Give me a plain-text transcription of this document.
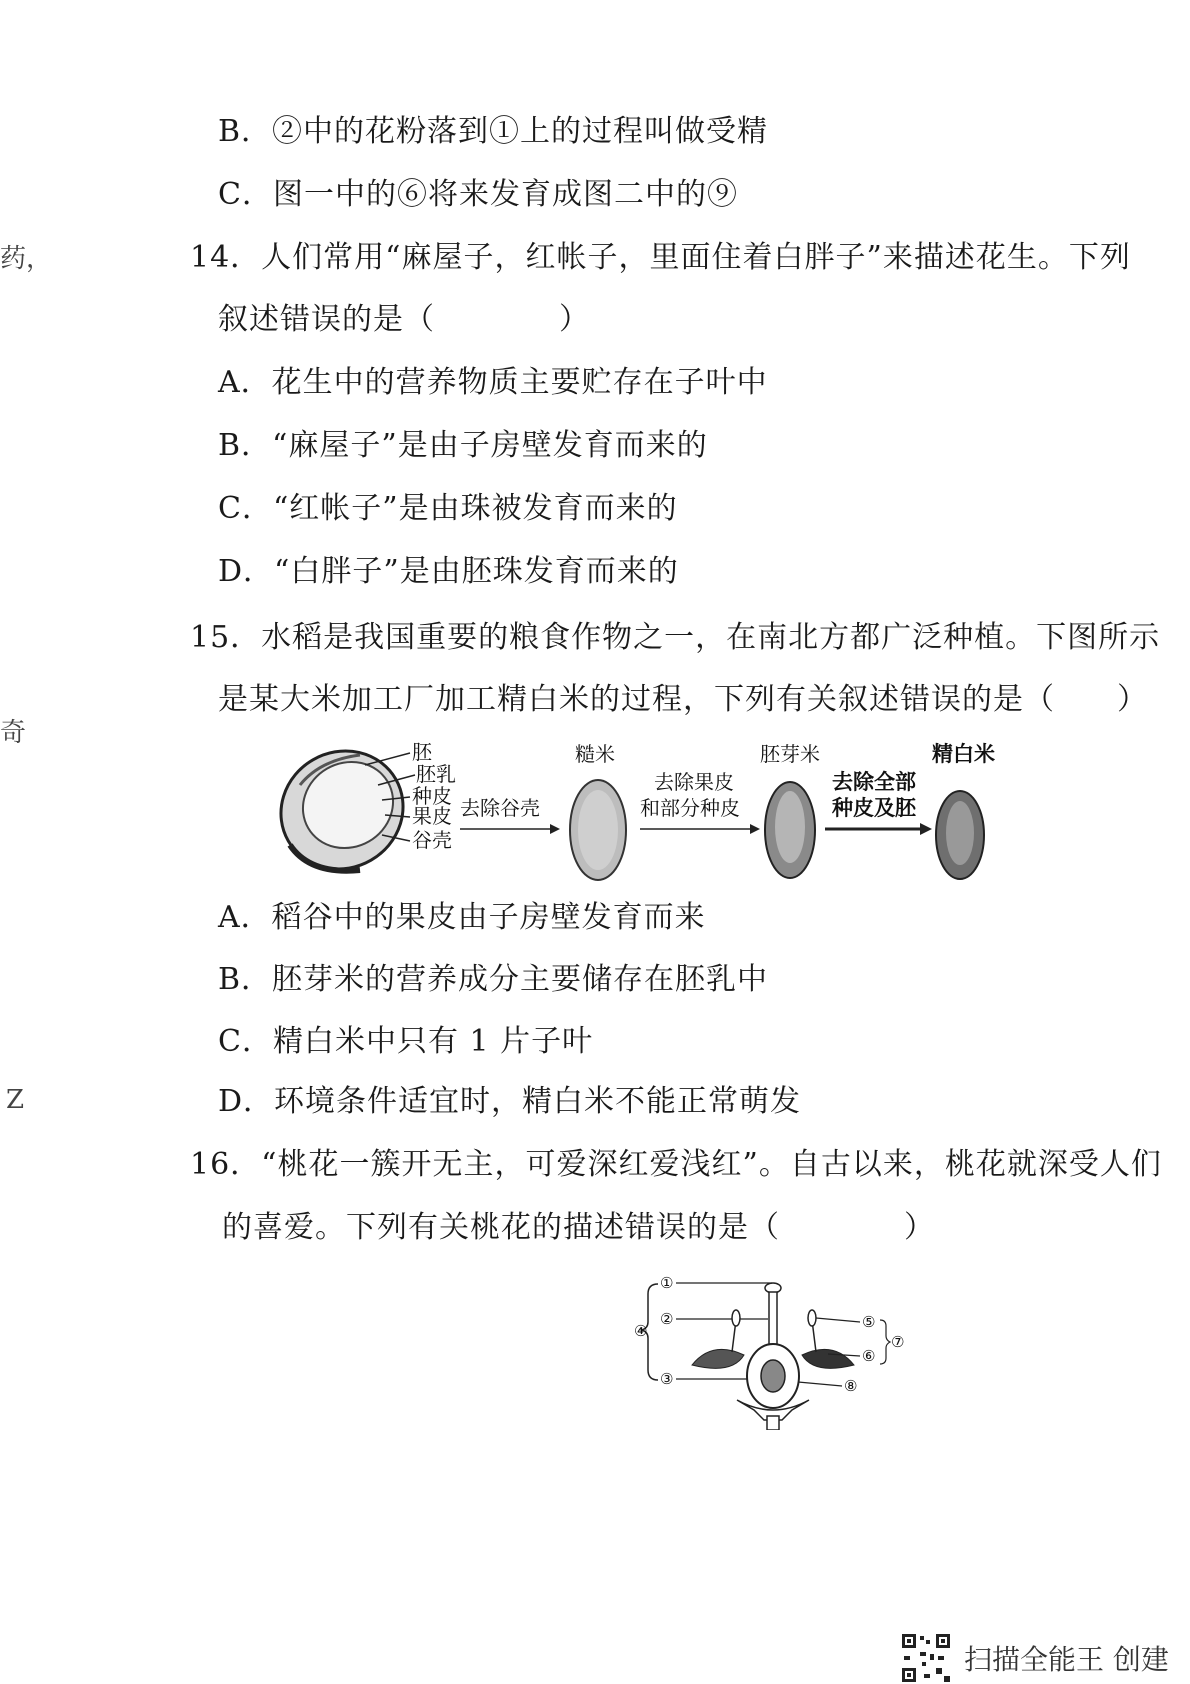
药，
奇
Z
B．②中的花粉落到①上的过程叫做受精
C．图一中的⑥将来发育成图二中的⑨
14．人们常用“麻屋子，红帐子，里面住着白胖子”来描述花生。下列
叙述错误的是（　　　　）
A．花生中的营养物质主要贮存在子叶中
B．“麻屋子”是由子房壁发育而来的
C．“红帐子”是由珠被发育而来的
D．“白胖子”是由胚珠发育而来的
15．水稻是我国重要的粮食作物之一，在南北方都广泛种植。下图所示
是某大米加工厂加工精白米的过程，下列有关叙述错误的是（　　）
胚
胚乳
种皮
果皮
谷壳
去除谷壳
糙米
去除果皮
和部分种皮
胚芽米
去除全部
种皮及胚
精白米
A．稻谷中的果皮由子房壁发育而来
B．胚芽米的营养成分主要储存在胚乳中
C．精白米中只有 1 片子叶
D．环境条件适宜时，精白米不能正常萌发
16．“桃花一簇开无主，可爱深红爱浅红”。自古以来，桃花就深受人们
的喜爱。下列有关桃花的描述错误的是（　　　　）
④
①
②
③
⑤
⑥
⑦
⑧
扫描全能王 创建
